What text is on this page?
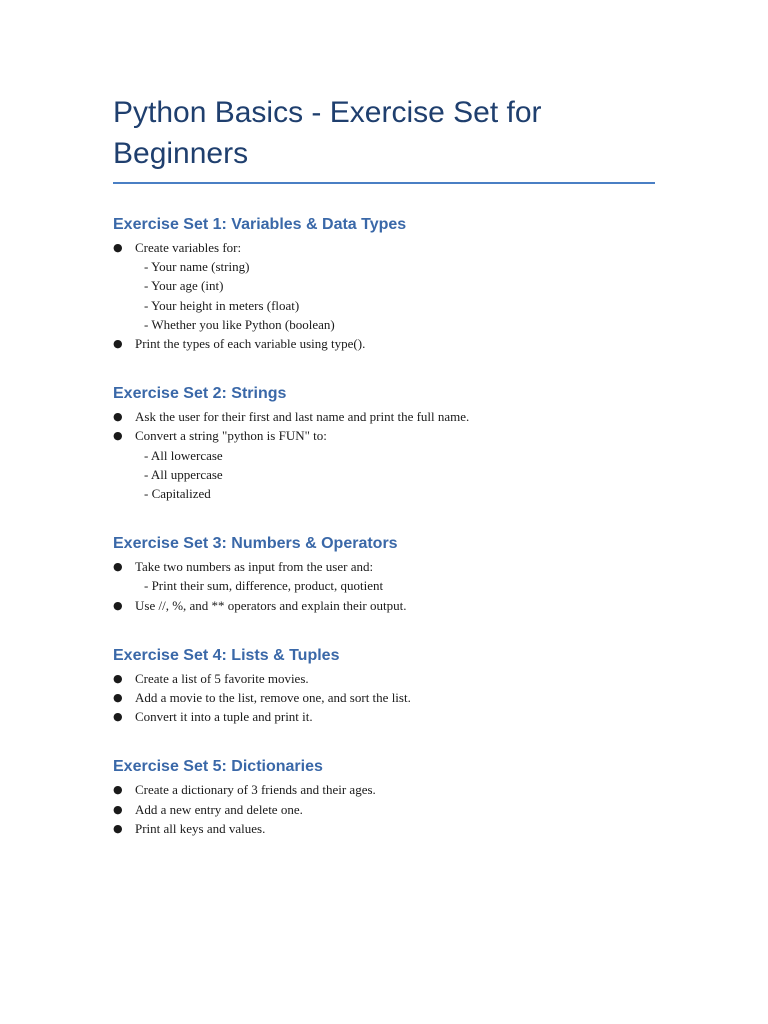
Python Basics - Exercise Set for Beginners
Exercise Set 1: Variables & Data Types
● Create variables for:
- Your name (string)
- Your age (int)
- Your height in meters (float)
- Whether you like Python (boolean)
● Print the types of each variable using type().
Exercise Set 2: Strings
● Ask the user for their first and last name and print the full name.
● Convert a string "python is FUN" to:
- All lowercase
- All uppercase
- Capitalized
Exercise Set 3: Numbers & Operators
● Take two numbers as input from the user and:
- Print their sum, difference, product, quotient
● Use //, %, and ** operators and explain their output.
Exercise Set 4: Lists & Tuples
● Create a list of 5 favorite movies.
● Add a movie to the list, remove one, and sort the list.
● Convert it into a tuple and print it.
Exercise Set 5: Dictionaries
● Create a dictionary of 3 friends and their ages.
● Add a new entry and delete one.
● Print all keys and values.
